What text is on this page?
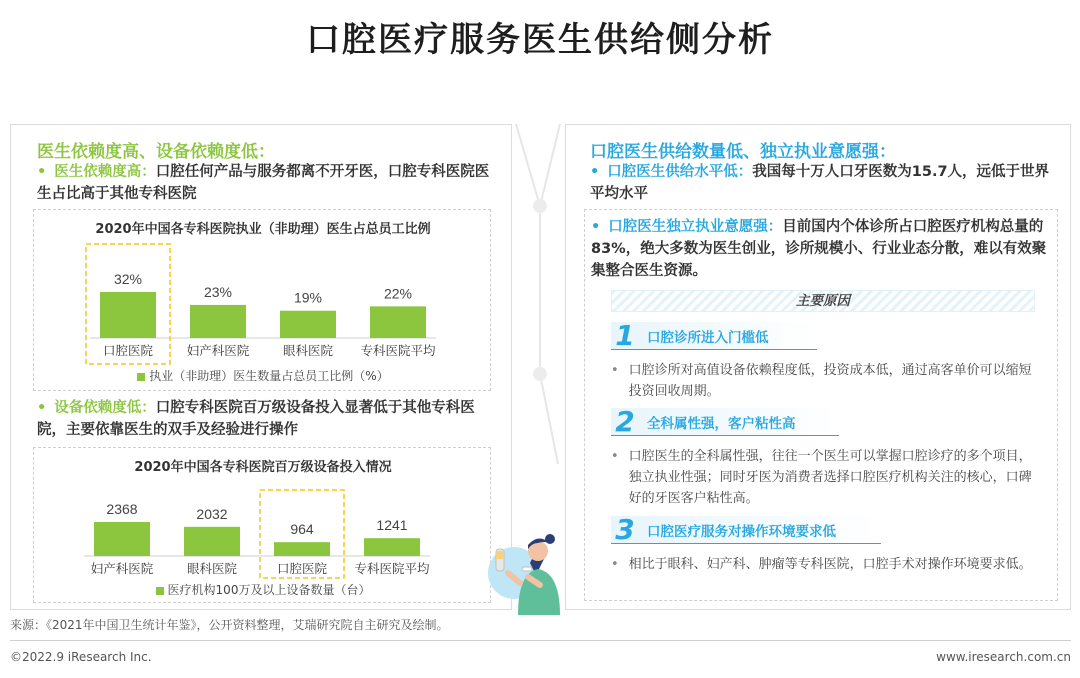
口腔医疗服务医生供给侧分析
医生依赖度高、设备依赖度低：
• 医生依赖度高：口腔任何产品与服务都离不开牙医，口腔专科医院医生占比高于其他专科医院
2020年中国各专科医院执业（非助理）医生占总员工比例
32%
口腔医院
23%
妇产科医院
19%
眼科医院
22%
专科医院平均
执业（非助理）医生数量占总员工比例（%）
• 设备依赖度低：口腔专科医院百万级设备投入显著低于其他专科医院，主要依靠医生的双手及经验进行操作
2020年中国各专科医院百万级设备投入情况
2368
妇产科医院
2032
眼科医院
964
口腔医院
1241
专科医院平均
医疗机构100万及以上设备数量（台）
口腔医生供给数量低、独立执业意愿强：
• 口腔医生供给水平低：我国每十万人口牙医数为15.7人，远低于世界平均水平
• 口腔医生独立执业意愿强：目前国内个体诊所占口腔医疗机构总量的83%，绝大多数为医生创业，诊所规模小、行业业态分散，难以有效聚集整合医生资源。
主要原因
1 口腔诊所进入门槛低
• 口腔诊所对高值设备依赖程度低，投资成本低，通过高客单价可以缩短投资回收周期。
2 全科属性强，客户粘性高
• 口腔医生的全科属性强，往往一个医生可以掌握口腔诊疗的多个项目，独立执业性强；同时牙医为消费者选择口腔医疗机构关注的核心，口碑好的牙医客户粘性高。
3 口腔医疗服务对操作环境要求低
• 相比于眼科、妇产科、肿瘤等专科医院，口腔手术对操作环境要求低。
来源：《2021年中国卫生统计年鉴》，公开资料整理，艾瑞研究院自主研究及绘制。
©2022.9 iResearch Inc.	www.iresearch.com.cn
